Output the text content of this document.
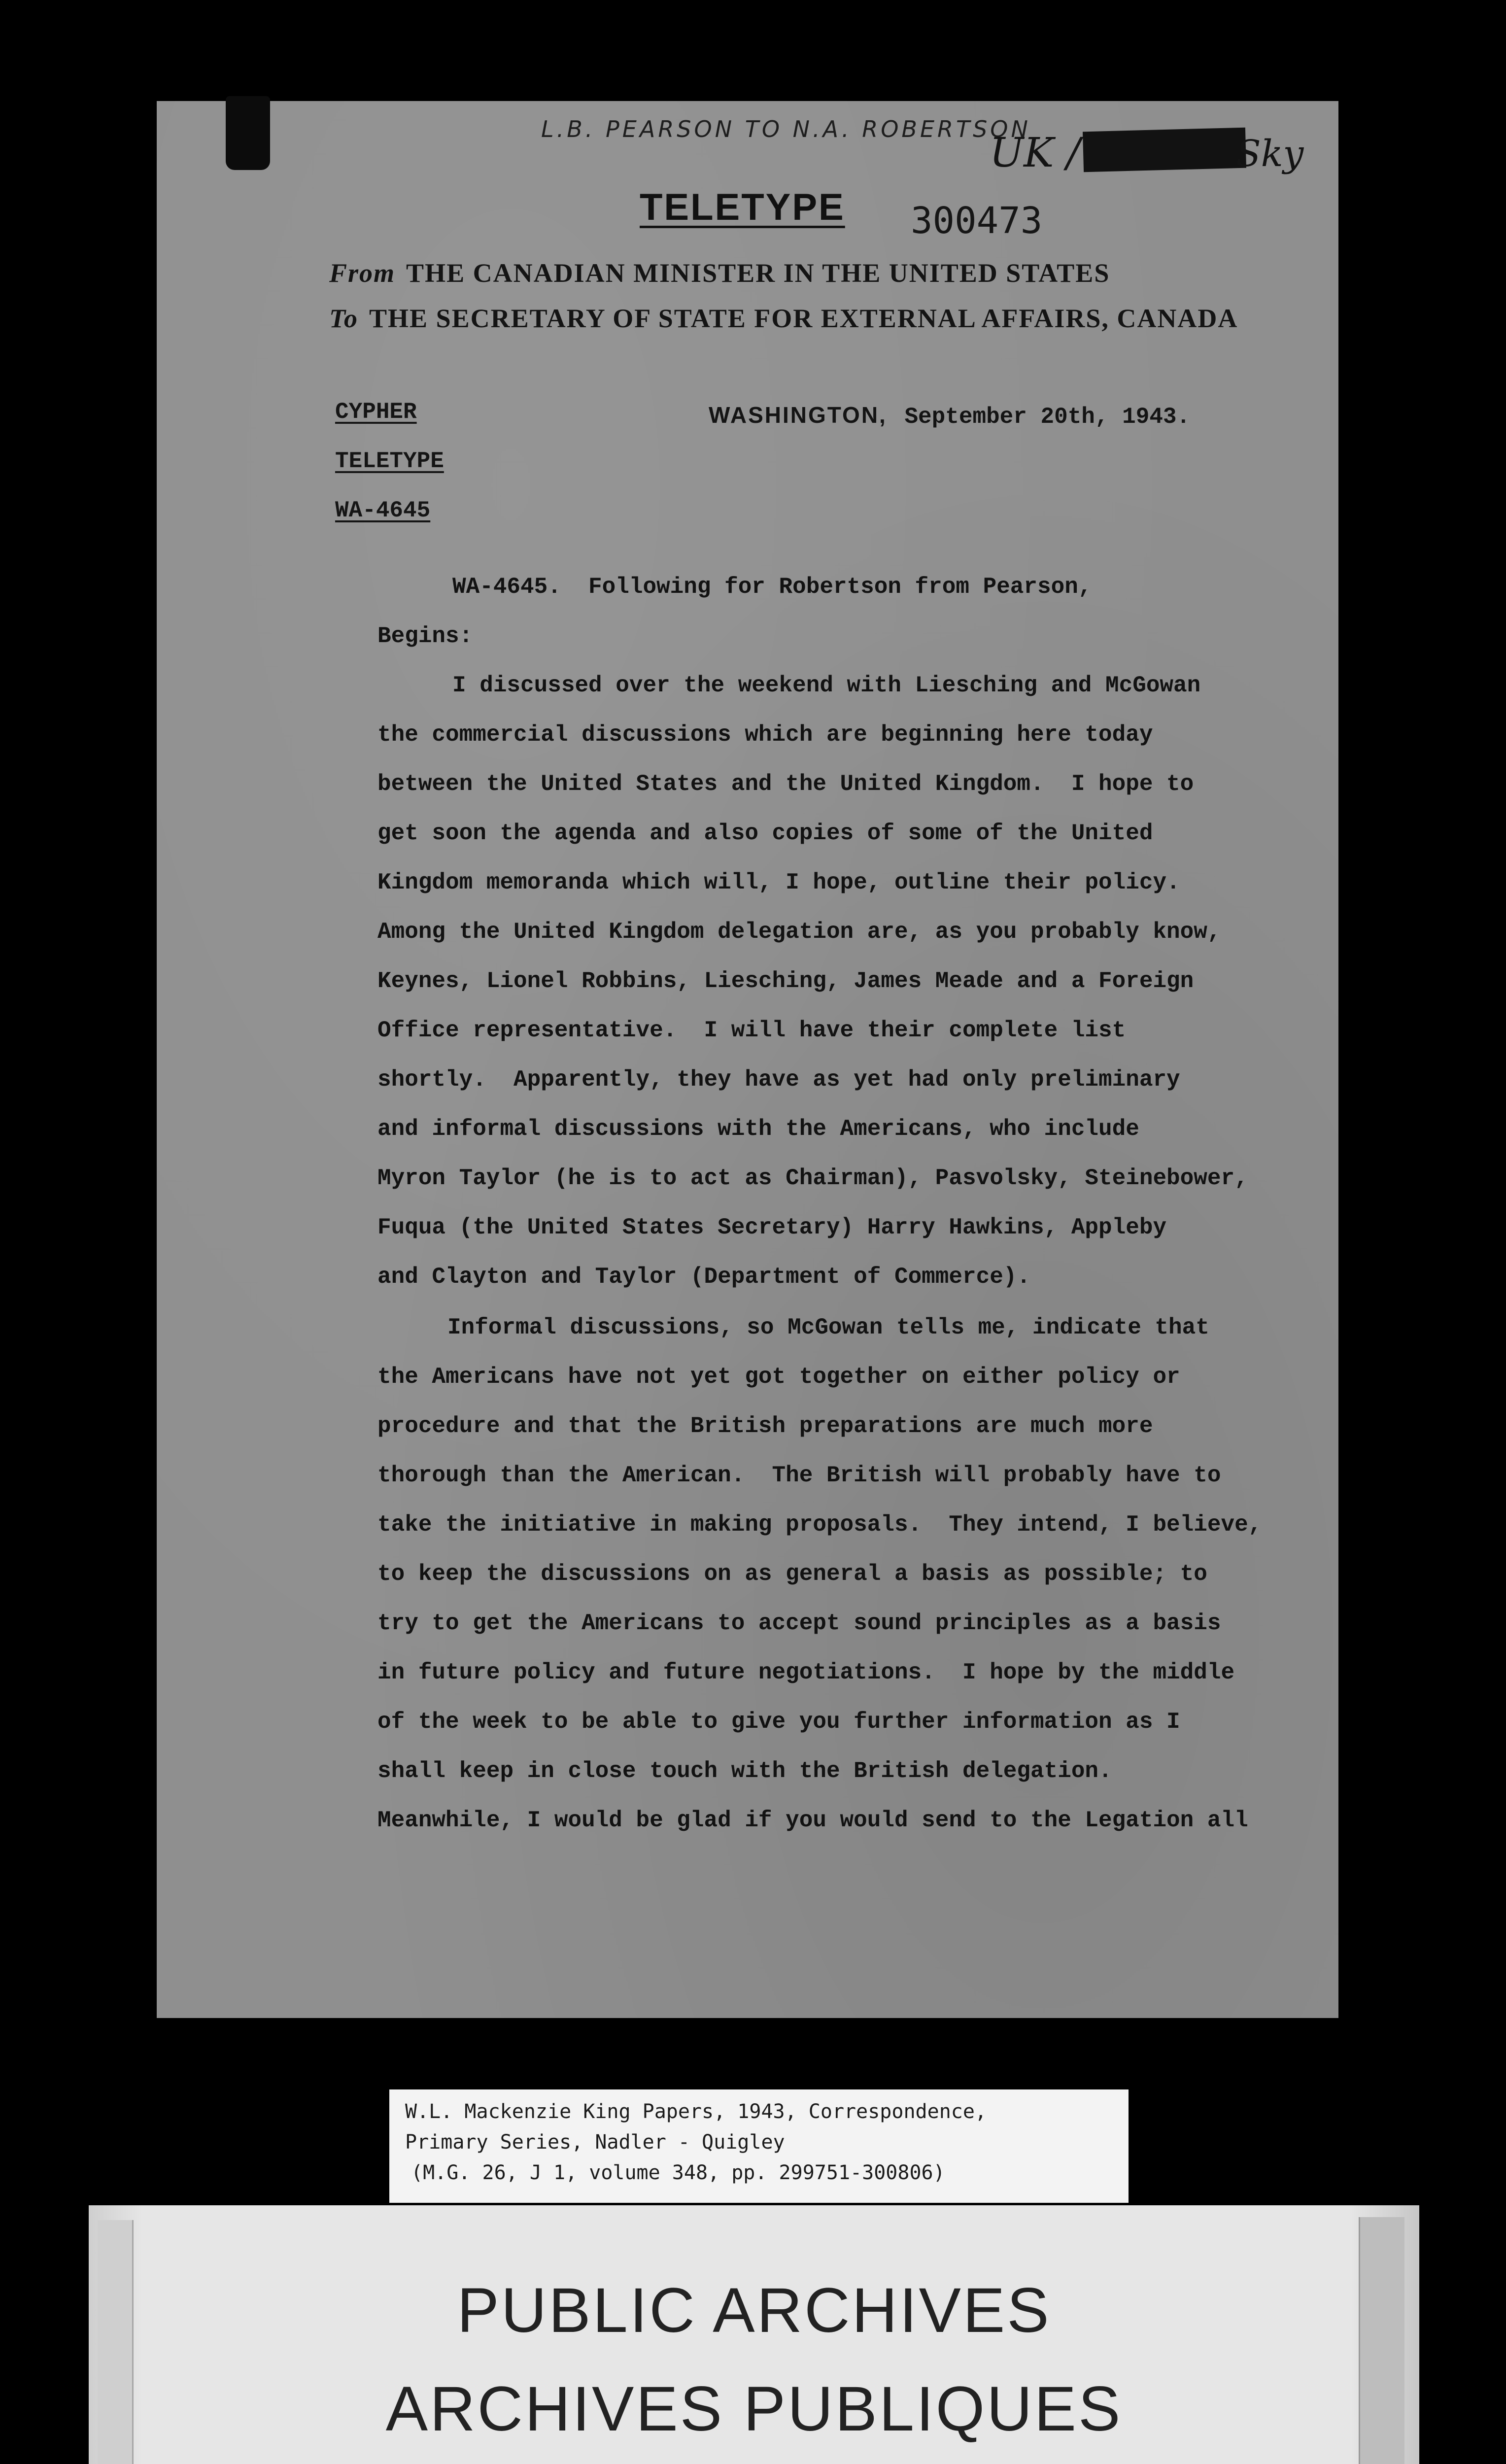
L.B. PEARSON TO N.A. ROBERTSON
UK /	Sky
TELETYPE 300473
From THE CANADIAN MINISTER IN THE UNITED STATES
To THE SECRETARY OF STATE FOR EXTERNAL AFFAIRS, CANADA
CYPHER
TELETYPE
WA-4645
WASHINGTON, September 20th, 1943.
WA-4645.  Following for Robertson from Pearson,
Begins:
I discussed over the weekend with Liesching and McGowan
the commercial discussions which are beginning here today
between the United States and the United Kingdom.  I hope to
get soon the agenda and also copies of some of the United
Kingdom memoranda which will, I hope, outline their policy.
Among the United Kingdom delegation are, as you probably know,
Keynes, Lionel Robbins, Liesching, James Meade and a Foreign
Office representative.  I will have their complete list
shortly.  Apparently, they have as yet had only preliminary
and informal discussions with the Americans, who include
Myron Taylor (he is to act as Chairman), Pasvolsky, Steinebower,
Fuqua (the United States Secretary) Harry Hawkins, Appleby
and Clayton and Taylor (Department of Commerce).
Informal discussions, so McGowan tells me, indicate that
the Americans have not yet got together on either policy or
procedure and that the British preparations are much more
thorough than the American.  The British will probably have to
take the initiative in making proposals.  They intend, I believe,
to keep the discussions on as general a basis as possible; to
try to get the Americans to accept sound principles as a basis
in future policy and future negotiations.  I hope by the middle
of the week to be able to give you further information as I
shall keep in close touch with the British delegation.
Meanwhile, I would be glad if you would send to the Legation all
W.L. Mackenzie King Papers, 1943, Correspondence,
Primary Series, Nadler - Quigley
(M.G. 26, J 1, volume 348, pp. 299751-300806)
PUBLIC ARCHIVES
ARCHIVES PUBLIQUES
